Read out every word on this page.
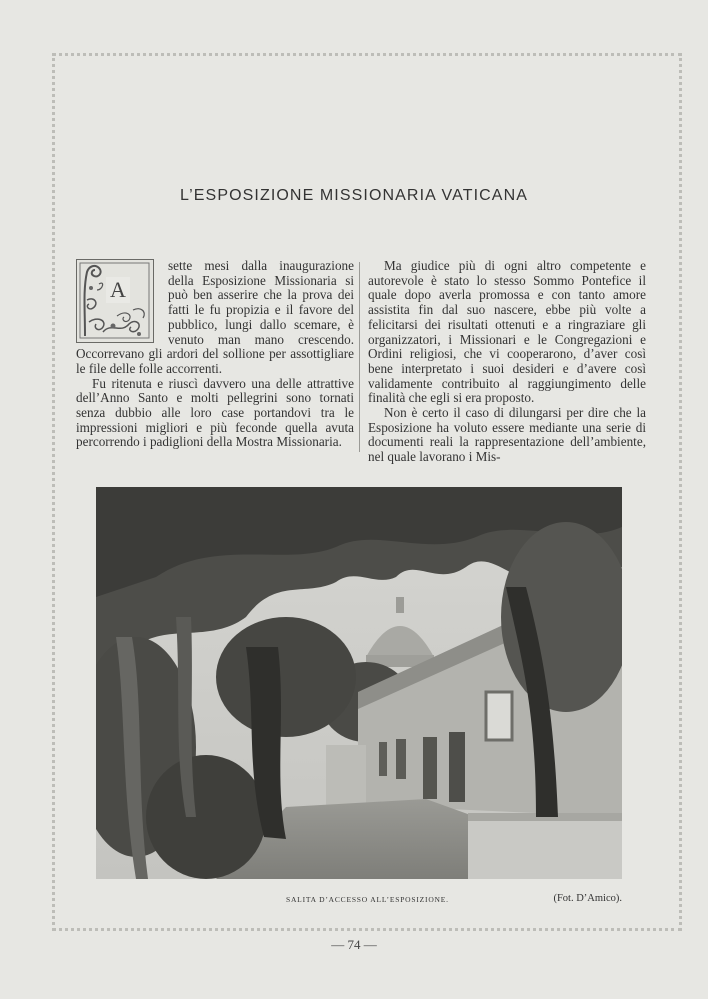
L’ESPOSIZIONE MISSIONARIA VATICANA
A

sette mesi dalla inaugurazione della Esposizione Missionaria si può ben asserire che la prova dei fatti le fu propizia e il favore del pubblico, lungi dallo scemare, è venuto man mano crescendo. Occorrevano gli ardori del sollione per assottigliare le file delle folle accorrenti.

Fu ritenuta e riuscì davvero una delle attrattive dell’Anno Santo e molti pellegrini sono tornati senza dubbio alle loro case portandovi tra le impressioni migliori e più feconde quella avuta percorrendo i padiglioni della Mostra Missionaria.

Ma giudice più di ogni altro competente e autorevole è stato lo stesso Sommo Pontefice il quale dopo averla promossa e con tanto amore assistita fin dal suo nascere, ebbe più volte a felicitarsi dei risultati ottenuti e a ringraziare gli organizzatori, i Missionari e le Congregazioni e Ordini religiosi, che vi cooperarono, d’aver così bene interpretato i suoi desideri e d’avere così validamente contribuito al raggiungimento delle finalità che egli si era proposto.

Non è certo il caso di dilungarsi per dire che la Esposizione ha voluto essere mediante una serie di documenti reali la rappresentazione dell’ambiente, nel quale lavorano i Mis-

SALITA D’ACCESSO ALL’ESPOSIZIONE.	(Fot. D’Amico).
— 74 —
